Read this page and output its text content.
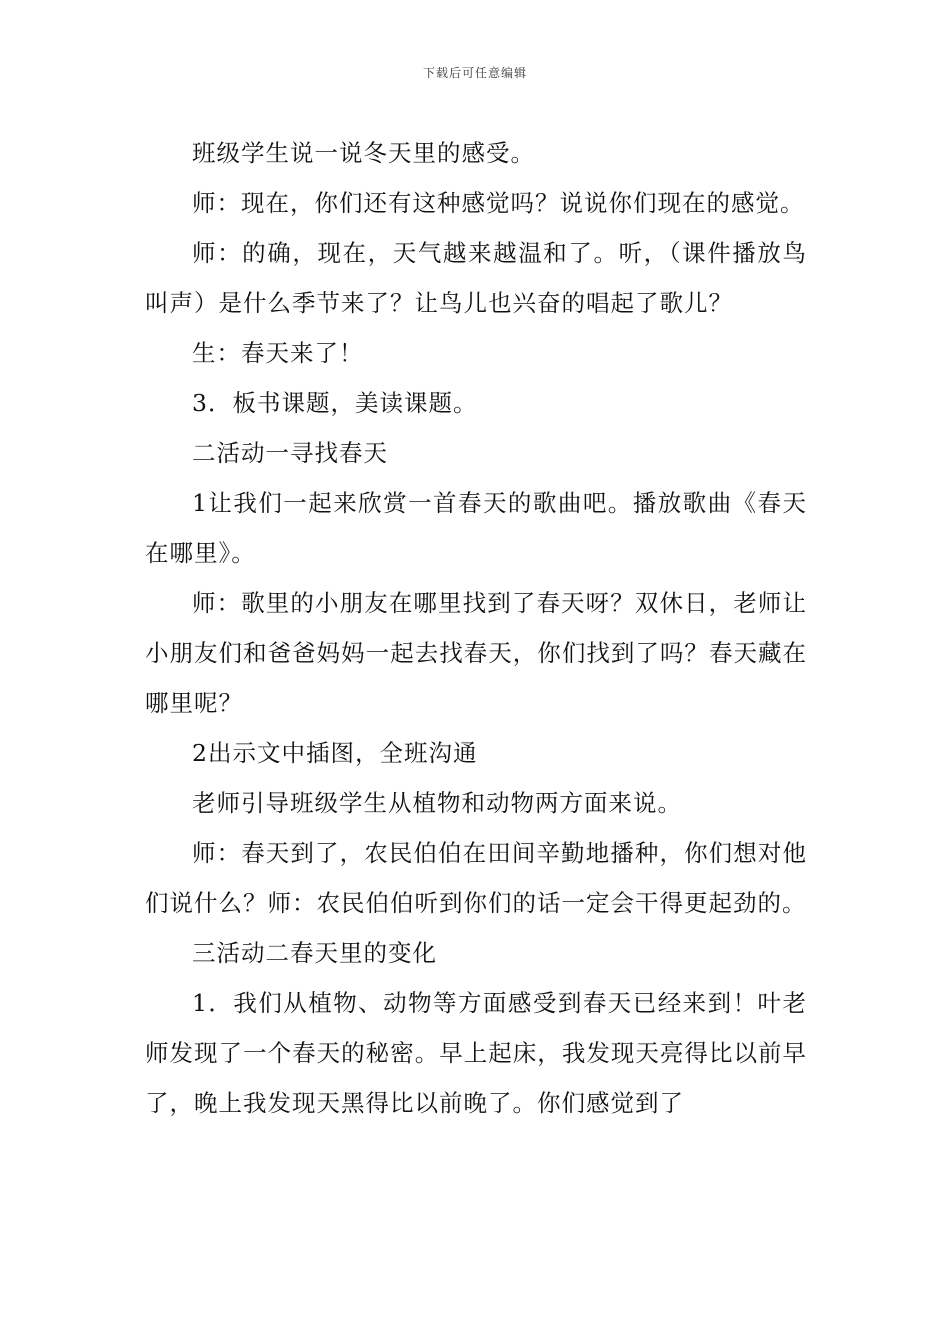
下载后可任意编辑

班级学生说一说冬天里的感受。

师：现在，你们还有这种感觉吗？说说你们现在的感觉。

师：的确，现在，天气越来越温和了。听，（课件播放鸟叫声）是什么季节来了？让鸟儿也兴奋的唱起了歌儿？

生：春天来了！

3．板书课题，美读课题。

二活动一寻找春天

1让我们一起来欣赏一首春天的歌曲吧。播放歌曲《春天在哪里》。

师：歌里的小朋友在哪里找到了春天呀？双休日，老师让小朋友们和爸爸妈妈一起去找春天，你们找到了吗？春天藏在哪里呢？

2出示文中插图，全班沟通

老师引导班级学生从植物和动物两方面来说。

师：春天到了，农民伯伯在田间辛勤地播种，你们想对他们说什么？师：农民伯伯听到你们的话一定会干得更起劲的。

三活动二春天里的变化

1．我们从植物、动物等方面感受到春天已经来到！叶老师发现了一个春天的秘密。早上起床，我发现天亮得比以前早了，晚上我发现天黑得比以前晚了。你们感觉到了
